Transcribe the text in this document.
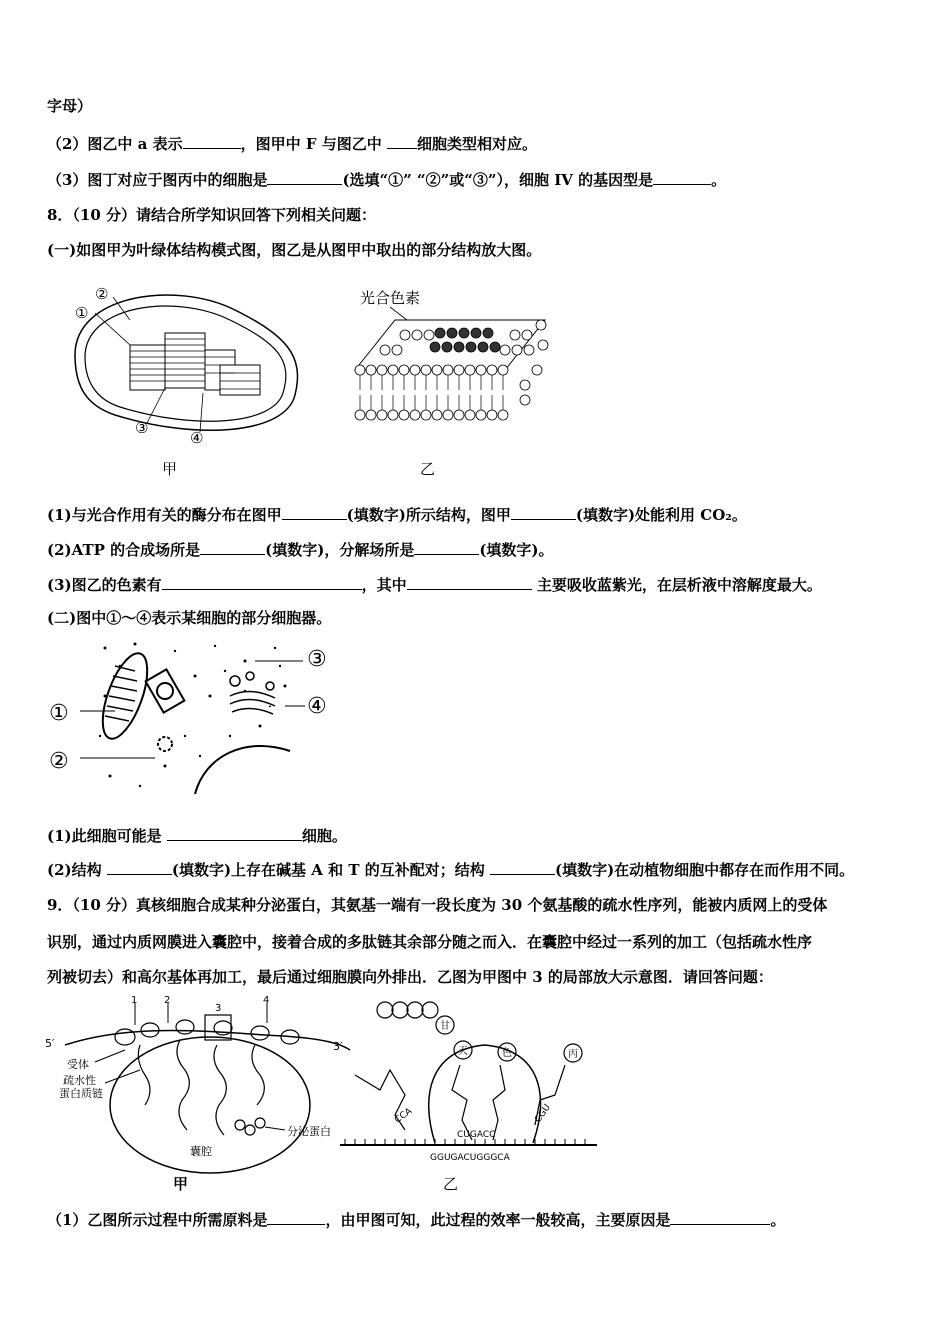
字母）
（2）图乙中 a 表示	，图甲中 F 与图乙中 细胞类型相对应。
（3）图丁对应于图丙中的细胞是	(选填“①” “②”或“③”），细胞 IV 的基因型是	。
8．（10 分）请结合所学知识回答下列相关问题：
(一)如图甲为叶绿体结构模式图，图乙是从图甲中取出的部分结构放大图。
②
①
③
④
光合色素
甲	乙
(1)与光合作用有关的酶分布在图甲	(填数字)所示结构，图甲	(填数字)处能利用 CO₂。
(2)ATP 的合成场所是	(填数字)，分解场所是	(填数字)。
(3)图乙的色素有	，其中	主要吸收蓝紫光，在层析液中溶解度最大。
(二)图中①～④表示某细胞的部分细胞器。
①
②
③
④
(1)此细胞可能是	细胞。
(2)结构	(填数字)上存在碱基 A 和 T 的互补配对；结构	(填数字)在动植物细胞中都存在而作用不同。
9．（10 分）真核细胞合成某种分泌蛋白，其氨基一端有一段长度为 30 个氨基酸的疏水性序列，能被内质网上的受体
识别，通过内质网膜进入囊腔中，接着合成的多肽链其余部分随之而入．在囊腔中经过一系列的加工（包括疏水性序
列被切去）和高尔基体再加工，最后通过细胞膜向外排出．乙图为甲图中 3 的局部放大示意图．请回答问题：
5′	3′
1	2
3
4
受体
疏水性
蛋白质链
囊腔
分泌蛋白
甘
天	色	丙
CCA
CUGACC
CGU
GGUGACUGGGCA
甲	乙
（1）乙图所示过程中所需原料是	，由甲图可知，此过程的效率一般较高，主要原因是	。
